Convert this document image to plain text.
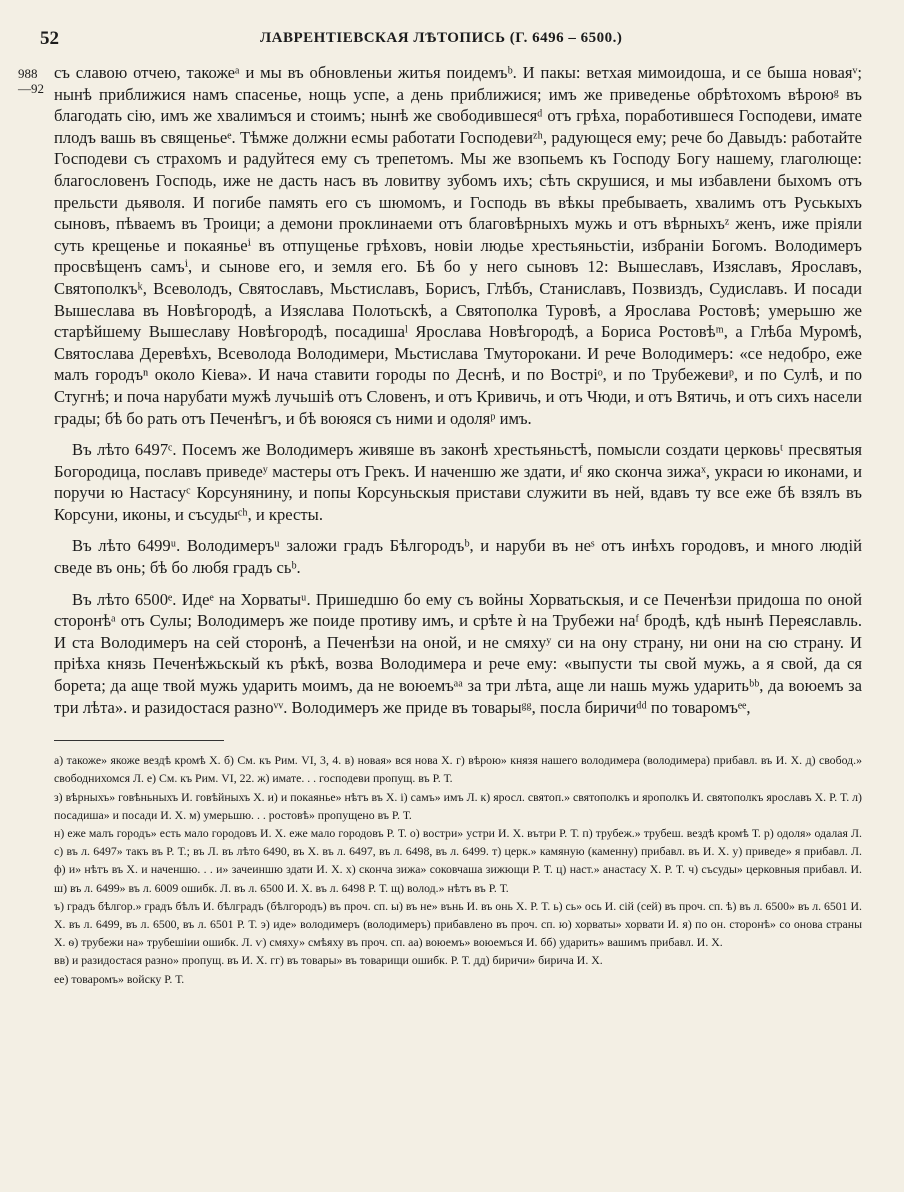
52	ЛАВРЕНТІЕВСКАЯ ЛѢТОПИСЬ (Г. 6496 – 6500.)
988
—92

съ славою отчею, такожеᵃ и мы въ обновленьи житья поидемъᵇ. И пакы: ветхая мимоидоша, и се быша новаяᵛ; нынѣ приближися намъ спасенье, нощь успе, а день приближися; имъ же приведенье обрѣтохомъ вѣроюᵍ въ благодать сію, имъ же хвалимъся и стоимъ; нынѣ же свободившесяᵈ отъ грѣха, поработившеся Господеви, имате плодъ вашь въ священьеᵉ. Тѣмже должни есмы работати Господевиᶻʰ, радующеся ему; рече бо Давыдъ: работайте Господеви съ страхомъ и радуйтеся ему съ трепетомъ. Мы же взопьемъ къ Господу Богу нашему, глаголюще: благословенъ Господь, иже не дасть насъ въ ловитву зубомъ ихъ; сѣть скрушися, и мы избавлени быхомъ отъ прельсти дьяволя. И погибе память его съ шюмомъ, и Господь въ вѣкы пребываеть, хвалимъ отъ Руськыхъ сыновъ, пѣваемъ въ Троици; а демони проклинаеми отъ благовѣрныхъ мужь и отъ вѣрныхъᶻ женъ, иже пріяли суть крещенье и покаяньеⁱ въ отпущенье грѣховъ, новіи людье хрестьяньстіи, избраніи Богомъ. Володимеръ просвѣщенъ самъⁱ, и сынове его, и земля его. Бѣ бо у него сыновъ 12: Вышеславъ, Изяславъ, Ярославъ, Святополкъᵏ, Всеволодъ, Святославъ, Мьстиславъ, Борисъ, Глѣбъ, Станиславъ, Позвиздъ, Судиславъ. И посади Вышеслава въ Новѣгородѣ, а Изяслава Полотьскѣ, а Святополка Туровѣ, а Ярослава Ростовѣ; умерьшю же старѣйшему Вышеславу Новѣгородѣ, посадишаˡ Ярослава Новѣгородѣ, а Бориса Ростовѣᵐ, а Глѣба Муромѣ, Святослава Деревѣхъ, Всеволода Володимери, Мьстислава Тмуторокани. И рече Володимеръ: «се недобро, еже малъ городъⁿ около Кіева». И нача ставити городы по Деснѣ, и по Востріᵒ, и по Трубежевиᵖ, и по Сулѣ, и по Стугнѣ; и поча нарубати мужѣ лучьшіѣ отъ Словенъ, и отъ Кривичь, и отъ Чюди, и отъ Вятичь, и отъ сихъ насели грады; бѣ бо рать отъ Печенѣгъ, и бѣ воюяся съ ними и одоляᵖ имъ.

Въ лѣто 6497ᶜ. Посемъ же Володимеръ живяше въ законѣ хрестьяньстѣ, помысли создати церковьᵗ пресвятыя Богородица, пославъ приведеʸ мастеры отъ Грекъ. И наченшю же здати, иᶠ яко сконча зижаˣ, украси ю иконами, и поручи ю Настасуᶜ Корсунянину, и попы Корсуньскыя пристави служити въ ней, вдавъ ту все еже бѣ взялъ въ Корсуни, иконы, и съсудыᶜʰ, и кресты.

Въ лѣто 6499ᵘ. Володимеръᵘ заложи градъ Бѣлгородъᵇ, и наруби въ неˢ отъ инѣхъ городовъ, и много людій сведе въ онь; бѣ бо любя градъ сьᵇ.

Въ лѣто 6500ᵉ. Идеᵉ на Хорватыᵘ. Пришедшю бо ему съ войны Хорватьскыя, и се Печенѣзи придоша по оной сторонѣᵃ отъ Сулы; Володимеръ же поиде противу имъ, и срѣте ѝ на Трубежи наᶠ бродѣ, кдѣ нынѣ Переяславль. И ста Володимеръ на сей сторонѣ, а Печенѣзи на оной, и не смяхуʸ си на ону страну, ни они на сю страну. И пріѣха князь Печенѣжьскый къ рѣкѣ, возва Володимера и рече ему: «выпусти ты свой мужь, а я свой, да ся борета; да аще твой мужь ударить моимъ, да не воюемъᵃᵃ за три лѣта, аще ли нашь мужь ударитьᵇᵇ, да воюемъ за три лѣта». и разидостася разноᵛᵛ. Володимеръ же приде въ товарыᵍᵍ, посла биричиᵈᵈ по товаромъᵉᵉ,

а) такоже» якоже вездѣ кромѣ Х. б) См. къ Рим. VI, 3, 4. в) новая» вся нова Х. г) вѣрою» князя нашего володимера (володимера) прибавл. въ И. Х. д) свобод.» свободнихомся Л. е) См. къ Рим. VI, 22. ж) имате. . . господеви пропущ. въ Р. Т.
з) вѣрныхъ» говѣньныхъ И. говѣйныхъ Х. и) и покаянье» нѣтъ въ Х. і) самъ» имъ Л. к) яросл. святоп.» святополкъ и ярополкъ И. святополкъ ярославъ Х. Р. Т. л) посадиша» и посади И. Х. м) умерьшю. . . ростовѣ» пропущено въ Р. Т.
н) еже малъ городъ» есть мало городовъ И. Х. еже мало городовъ Р. Т. о) востри» устри И. Х. вътри Р. Т. п) трубеж.» трубеш. вездѣ кромѣ Т. р) одоля» одалая Л. с) въ л. 6497» такъ въ Р. Т.; въ Л. въ лѣто 6490, въ Х. въ л. 6497, въ л. 6498, въ л. 6499. т) церк.» камяную (каменну) прибавл. въ И. Х. у) приведе» я прибавл. Л. ф) и» нѣтъ въ Х. и наченшю. . . и» зачеиншю здати И. Х. х) сконча зижа» соковчаша зижющи Р. Т. ц) наст.» анастасу Х. Р. Т. ч) съсуды» церковныя прибавл. И. ш) въ л. 6499» въ л. 6009 ошибк. Л. въ л. 6500 И. Х. въ л. 6498 Р. Т. щ) волод.» нѣтъ въ Р. Т.
ъ) градъ бѣлгор.» градъ бѣлъ И. бѣлградъ (бѣлгородъ) въ проч. сп. ы) въ не» вънь И. въ онь Х. Р. Т. ь) сь» ось И. сій (сей) въ проч. сп. ѣ) въ л. 6500» въ л. 6501 И. Х. въ л. 6499, въ л. 6500, въ л. 6501 Р. Т. э) иде» володимеръ (володимеръ) прибавлено въ проч. сп. ю) хорваты» хорвати И. я) по он. сторонѣ» со онова страны Х. ѳ) трубежи на» трубешіии ошибк. Л. ѵ) смяху» смѣяху въ проч. сп. аа) воюемъ» воюемъся И. бб) ударить» вашимъ прибавл. И. Х.
вв) и разидостася разно» пропущ. въ И. Х. гг) въ товары» въ товарищи ошибк. Р. Т. дд) биричи» бирича И. Х.
ее) товаромъ» войску Р. Т.
